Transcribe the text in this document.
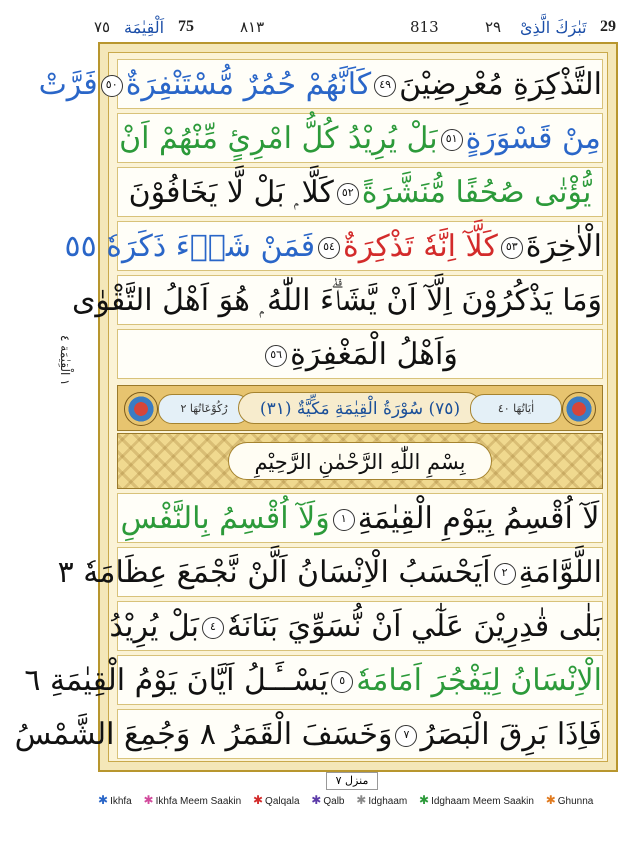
29
تَبٰرَكَ الَّذِىْ
٢٩
813
٨١٣
75
اَلْقِيٰمَة
٧٥
١ الْقِيٰمَة ٤
التَّذْكِرَةِ مُعْرِضِيْنَ٤٩كَاَنَّهُمْ حُمُرٌ مُّسْتَنْفِرَةٌ٥٠فَرَّتْ
مِنْ قَسْوَرَةٍ٥١بَلْ يُرِيْدُ كُلُّ امْرِئٍ مِّنْهُمْ اَنْ
يُّؤْتٰى صُحُفًا مُّنَشَّرَةً٥٢كَلَّا ۭ بَلْ لَّا يَخَافُوْنَ
الْاٰخِرَةَ٥٣كَلَّآ اِنَّهٗ تَذْكِرَةٌ٥٤فَمَنْ شَاۗءَ ذَكَرَهٗ ٥٥
وَمَا يَذْكُرُوْنَ اِلَّآ اَنْ يَّشَاۗءَ اللّٰهُ ۭ هُوَ اَهْلُ التَّقْوٰى
وَاَهْلُ الْمَغْفِرَةِ٥٦
رُكُوْعَاتُهَا ٢	(٧٥) سُوْرَةُ الْقِيٰمَةِ مَكِّيَّةٌ (٣١)	اٰيَاتُهَا ٤٠
بِسْمِ اللّٰهِ الرَّحْمٰنِ الرَّحِيْمِ
لَآ اُقْسِمُ بِيَوْمِ الْقِيٰمَةِ١وَلَآ اُقْسِمُ بِالنَّفْسِ
اللَّوَّامَةِ٢اَيَحْسَبُ الْاِنْسَانُ اَلَّنْ نَّجْمَعَ عِظَامَهٗ ٣
بَلٰى قٰدِرِيْنَ عَلٰٓي اَنْ نُّسَوِّيَ بَنَانَهٗ٤بَلْ يُرِيْدُ
الْاِنْسَانُ لِيَفْجُرَ اَمَامَهٗ٥يَسْــَٔـلُ اَيَّانَ يَوْمُ الْقِيٰمَةِ ٦
فَاِذَا بَرِقَ الْبَصَرُ٧وَخَسَفَ الْقَمَرُ ٨ وَجُمِعَ الشَّمْسُ
منزل ٧
✱ Ikhfa ✱ Ikhfa Meem Saakin ✱ Qalqala ✱ Qalb ✱ Idghaam ✱ Idghaam Meem Saakin ✱ Ghunna
